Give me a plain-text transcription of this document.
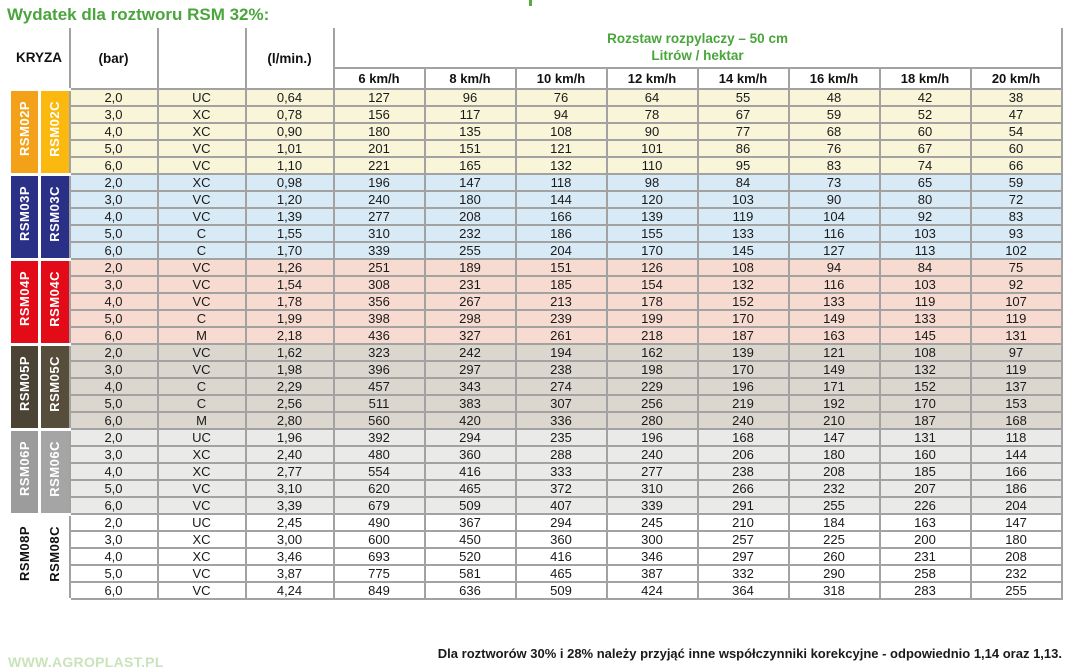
Wydatek dla roztworu RSM 32%:
KRYZA		(bar)		(l/min.)	Rozstaw rozpylaczy – 50 cm
Litrów / hektar							

					6 km/h	8 km/h	10 km/h	12 km/h	14 km/h	16 km/h	18 km/h	20 km/h
RSM02P	RSM02C	2,0	UC	0,64	127	96	76	64	55	48	42	38
		3,0	XC	0,78	156	117	94	78	67	59	52	47
		4,0	XC	0,90	180	135	108	90	77	68	60	54
		5,0	VC	1,01	201	151	121	101	86	76	67	60
		6,0	VC	1,10	221	165	132	110	95	83	74	66
RSM03P	RSM03C	2,0	XC	0,98	196	147	118	98	84	73	65	59
		3,0	VC	1,20	240	180	144	120	103	90	80	72
		4,0	VC	1,39	277	208	166	139	119	104	92	83
		5,0	C	1,55	310	232	186	155	133	116	103	93
		6,0	C	1,70	339	255	204	170	145	127	113	102
RSM04P	RSM04C	2,0	VC	1,26	251	189	151	126	108	94	84	75
		3,0	VC	1,54	308	231	185	154	132	116	103	92
		4,0	VC	1,78	356	267	213	178	152	133	119	107
		5,0	C	1,99	398	298	239	199	170	149	133	119
		6,0	M	2,18	436	327	261	218	187	163	145	131
RSM05P	RSM05C	2,0	VC	1,62	323	242	194	162	139	121	108	97
		3,0	VC	1,98	396	297	238	198	170	149	132	119
		4,0	C	2,29	457	343	274	229	196	171	152	137
		5,0	C	2,56	511	383	307	256	219	192	170	153
		6,0	M	2,80	560	420	336	280	240	210	187	168
RSM06P	RSM06C	2,0	UC	1,96	392	294	235	196	168	147	131	118
		3,0	XC	2,40	480	360	288	240	206	180	160	144
		4,0	XC	2,77	554	416	333	277	238	208	185	166
		5,0	VC	3,10	620	465	372	310	266	232	207	186
		6,0	VC	3,39	679	509	407	339	291	255	226	204
RSM08P	RSM08C	2,0	UC	2,45	490	367	294	245	210	184	163	147
		3,0	XC	3,00	600	450	360	300	257	225	200	180
		4,0	XC	3,46	693	520	416	346	297	260	231	208
		5,0	VC	3,87	775	581	465	387	332	290	258	232
		6,0	VC	4,24	849	636	509	424	364	318	283	255
WWW.AGROPLAST.PL
Dla roztworów 30% i 28% należy przyjąć inne współczynniki korekcyjne - odpowiednio 1,14 oraz 1,13.
